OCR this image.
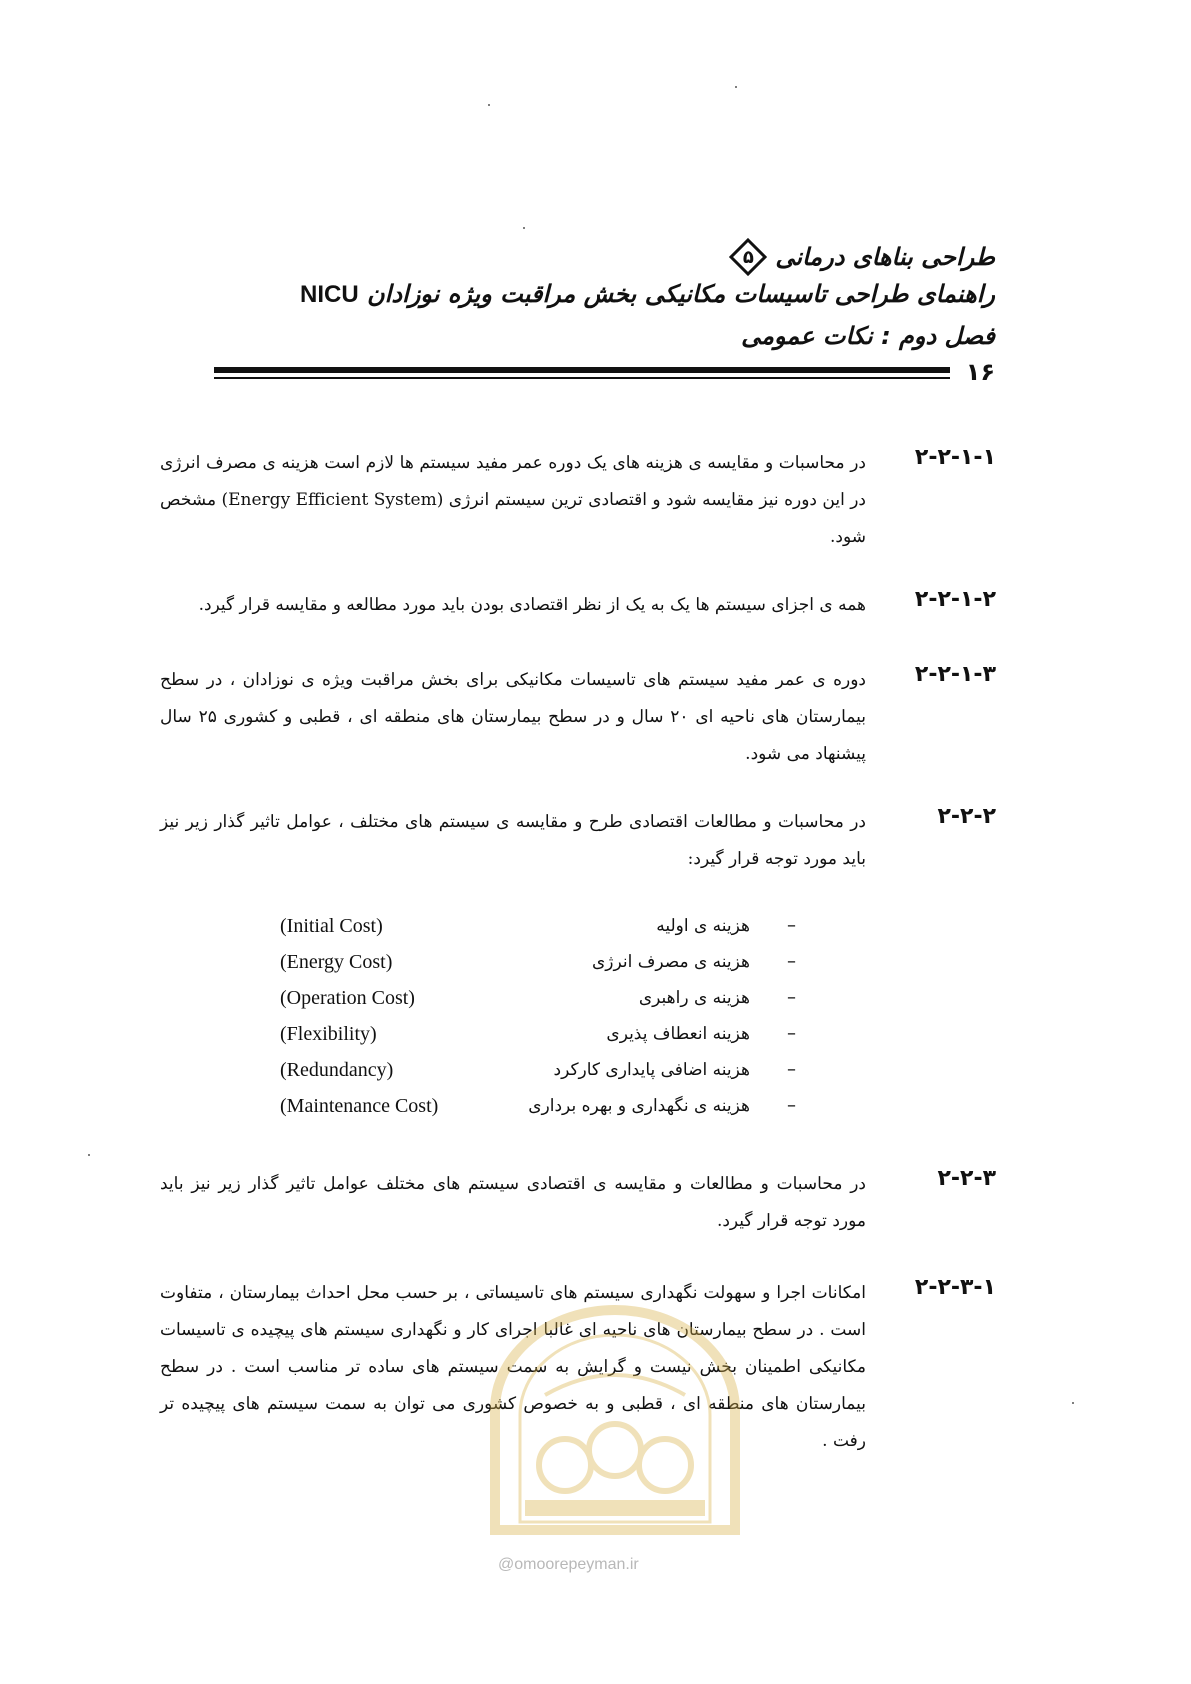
طراحی بناهای درمانی
۵
راهنمای طراحی تاسیسات مکانیکی بخش مراقبت ویژه نوزادان NICU
فصل دوم : نکات عمومی
۱۶
۲-۲-۱-۱
در محاسبات و مقایسه ی هزینه های یک دوره عمر مفید سیستم ها لازم است هزینه ی مصرف انرژی در این دوره نیز مقایسه شود و اقتصادی ترین سیستم انرژی (Energy Efficient System) مشخص شود.
۲-۲-۱-۲
همه ی اجزای سیستم ها یک به یک از نظر اقتصادی بودن باید مورد مطالعه و مقایسه قرار گیرد.
۲-۲-۱-۳
دوره ی عمر مفید سیستم های تاسیسات مکانیکی برای بخش مراقبت ویژه ی نوزادان ، در سطح بیمارستان های ناحیه ای ۲۰ سال و در سطح بیمارستان های منطقه ای ، قطبی و کشوری ۲۵ سال پیشنهاد می شود.
۲-۲-۲
در محاسبات و مطالعات اقتصادی طرح و مقایسه ی سیستم های مختلف ، عوامل تاثیر گذار زیر نیز باید مورد توجه قرار گیرد:
–
هزینه ی اولیه
(Initial Cost)
–
هزینه ی مصرف انرژی
(Energy Cost)
–
هزینه ی راهبری
(Operation Cost)
–
هزینه انعطاف پذیری
(Flexibility)
–
هزینه اضافی پایداری کارکرد
(Redundancy)
–
هزینه ی نگهداری و بهره برداری
(Maintenance Cost)
۲-۲-۳
در محاسبات و مطالعات و مقایسه ی اقتصادی سیستم های مختلف عوامل تاثیر گذار زیر نیز باید مورد توجه قرار گیرد.
۲-۲-۳-۱
امکانات اجرا و سهولت نگهداری سیستم های تاسیساتی ، بر حسب محل احداث بیمارستان ، متفاوت است . در سطح بیمارستان های ناحیه ای غالبا اجرای کار و نگهداری سیستم های پیچیده ی تاسیسات مکانیکی اطمینان بخش نیست و گرایش به سمت سیستم های ساده تر مناسب است . در سطح بیمارستان های منطقه ای ، قطبی و به خصوص کشوری می توان به سمت سیستم های پیچیده تر رفت .
@omoorepeyman.ir
